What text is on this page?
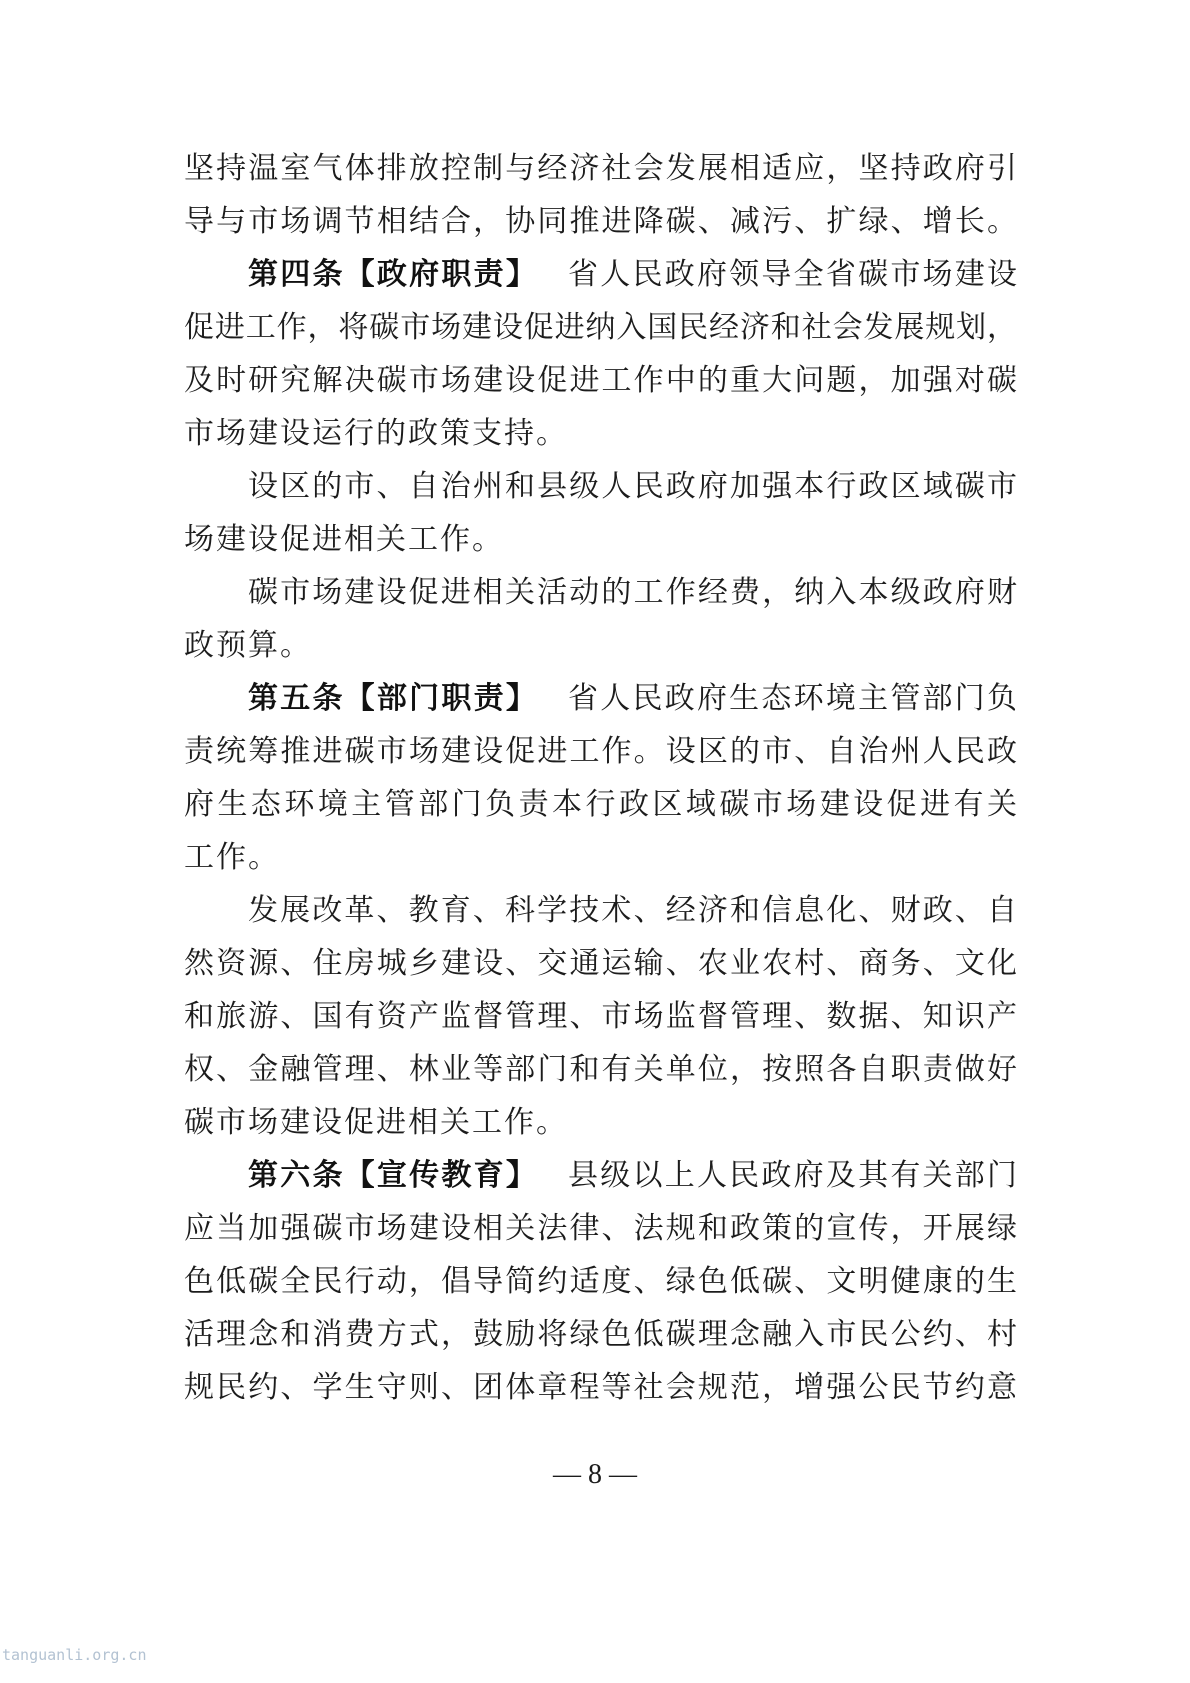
坚持温室气体排放控制与经济社会发展相适应，坚持政府引
导与市场调节相结合，协同推进降碳、减污、扩绿、增长。
第四条【政府职责】 省人民政府领导全省碳市场建设
促进工作，将碳市场建设促进纳入国民经济和社会发展规划，
及时研究解决碳市场建设促进工作中的重大问题，加强对碳
市场建设运行的政策支持。
设区的市、自治州和县级人民政府加强本行政区域碳市
场建设促进相关工作。
碳市场建设促进相关活动的工作经费，纳入本级政府财
政预算。
第五条【部门职责】 省人民政府生态环境主管部门负
责统筹推进碳市场建设促进工作。设区的市、自治州人民政
府生态环境主管部门负责本行政区域碳市场建设促进有关
工作。
发展改革、教育、科学技术、经济和信息化、财政、自
然资源、住房城乡建设、交通运输、农业农村、商务、文化
和旅游、国有资产监督管理、市场监督管理、数据、知识产
权、金融管理、林业等部门和有关单位，按照各自职责做好
碳市场建设促进相关工作。
第六条【宣传教育】 县级以上人民政府及其有关部门
应当加强碳市场建设相关法律、法规和政策的宣传，开展绿
色低碳全民行动，倡导简约适度、绿色低碳、文明健康的生
活理念和消费方式，鼓励将绿色低碳理念融入市民公约、村
规民约、学生守则、团体章程等社会规范，增强公民节约意
— 8 —
tanguanli.org.cn
